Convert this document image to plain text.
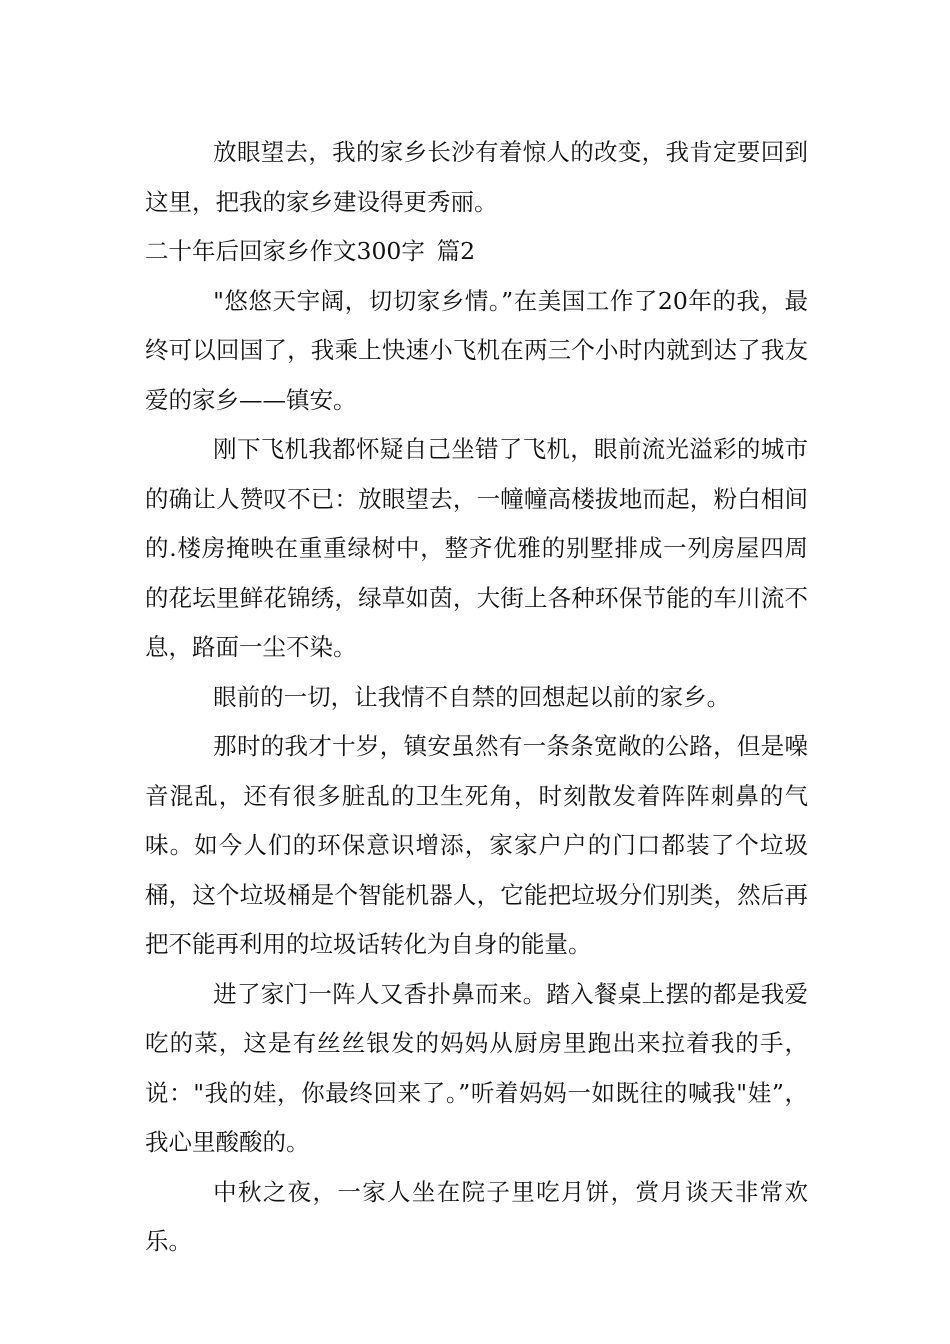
放眼望去，我的家乡长沙有着惊人的改变，我肯定要回到这里，把我的家乡建设得更秀丽。

二十年后回家乡作文300字 篇2

"悠悠天宇阔，切切家乡情。”在美国工作了20年的我，最终可以回国了，我乘上快速小飞机在两三个小时内就到达了我友爱的家乡——镇安。

刚下飞机我都怀疑自己坐错了飞机，眼前流光溢彩的城市的确让人赞叹不已：放眼望去，一幢幢高楼拔地而起，粉白相间的.楼房掩映在重重绿树中，整齐优雅的别墅排成一列房屋四周的花坛里鲜花锦绣，绿草如茵，大街上各种环保节能的车川流不息，路面一尘不染。

眼前的一切，让我情不自禁的回想起以前的家乡。

那时的我才十岁，镇安虽然有一条条宽敞的公路，但是噪音混乱，还有很多脏乱的卫生死角，时刻散发着阵阵刺鼻的气味。如今人们的环保意识增添，家家户户的门口都装了个垃圾桶，这个垃圾桶是个智能机器人，它能把垃圾分们别类，然后再把不能再利用的垃圾话转化为自身的能量。

进了家门一阵人又香扑鼻而来。踏入餐桌上摆的都是我爱吃的菜，这是有丝丝银发的妈妈从厨房里跑出来拉着我的手，说："我的娃，你最终回来了。”听着妈妈一如既往的喊我"娃”，我心里酸酸的。

中秋之夜，一家人坐在院子里吃月饼，赏月谈天非常欢乐。
